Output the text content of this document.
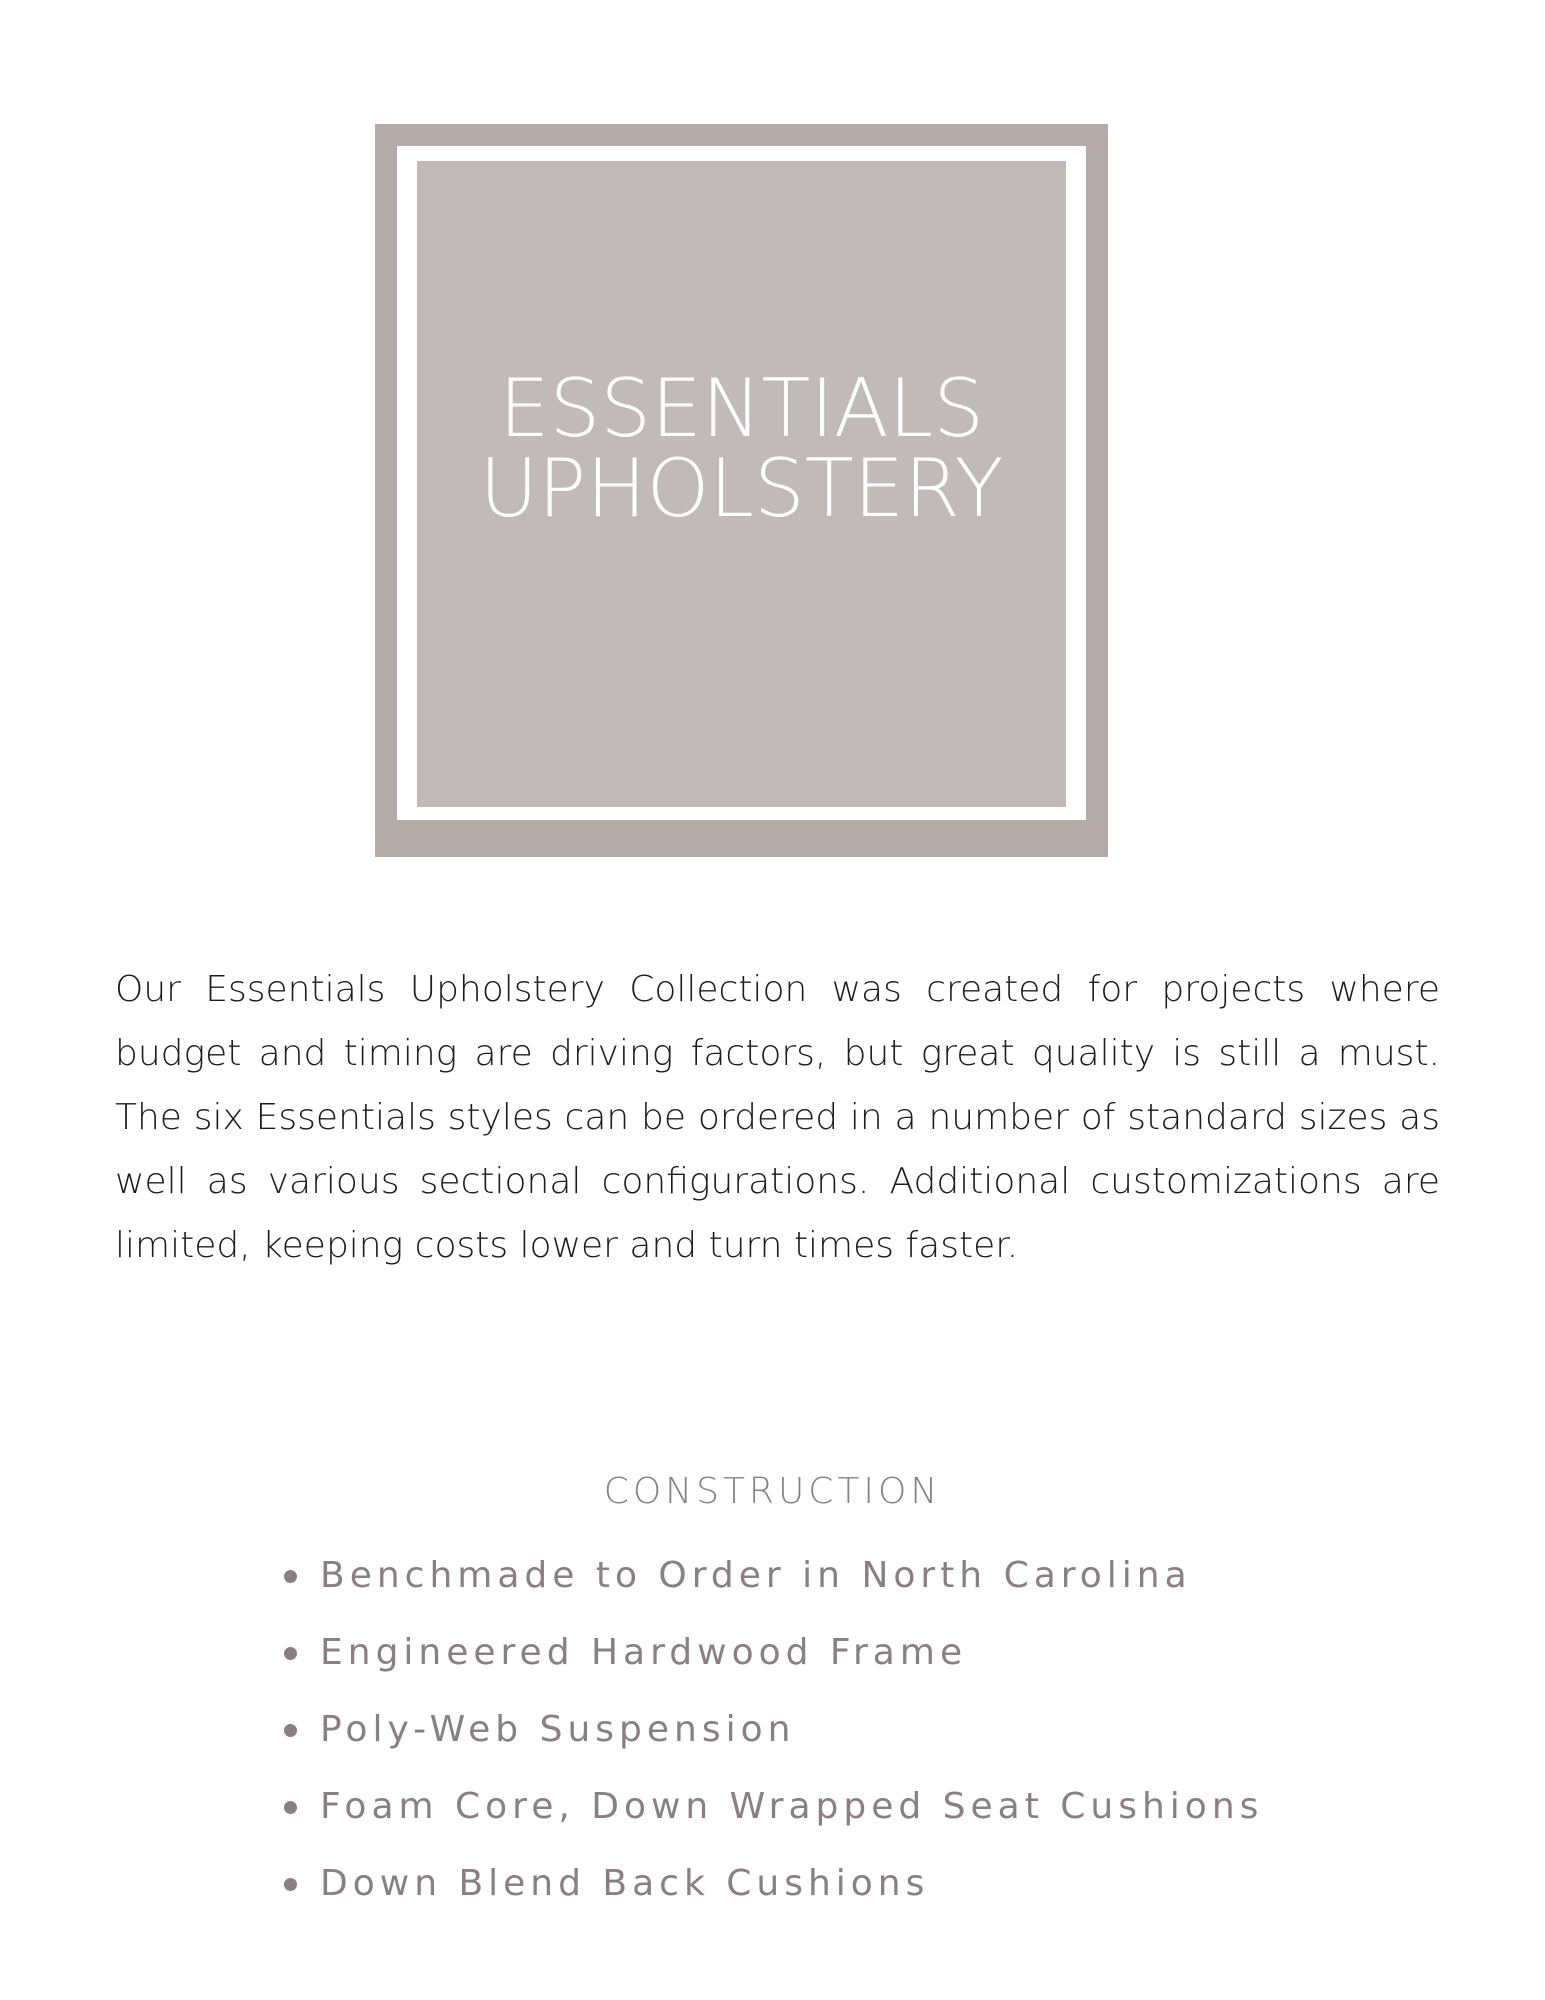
ESSENTIALS
UPHOLSTERY

Our Essentials Upholstery Collection was created for projects where budget and timing are driving factors, but great quality is still a must. The six Essentials styles can be ordered in a number of standard sizes as well as various sectional configurations. Additional customizations are limited, keeping costs lower and turn times faster.

CONSTRUCTION
Benchmade to Order in North Carolina
Engineered Hardwood Frame
Poly-Web Suspension
Foam Core, Down Wrapped Seat Cushions
Down Blend Back Cushions
